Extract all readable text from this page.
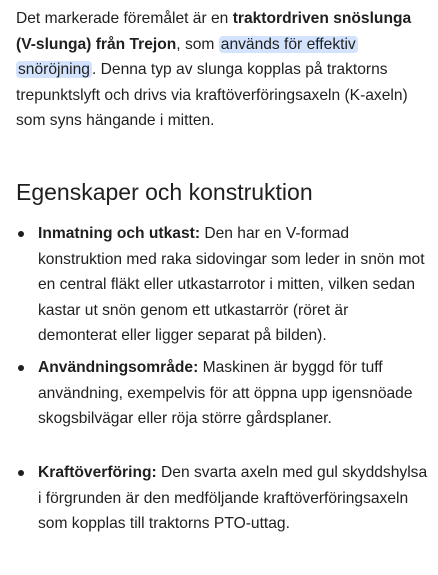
Det markerade föremålet är en traktordriven snöslunga (V-slunga) från Trejon, som används för effektiv snöröjning . Denna typ av slunga kopplas på traktorns trepunktslyft och drivs via kraftöverföringsaxeln (K-axeln) som syns hängande i mitten.

Egenskaper och konstruktion
Inmatning och utkast: Den har en V-formad konstruktion med raka sidovingar som leder in snön mot en central fläkt eller utkastarrotor i mitten, vilken sedan kastar ut snön genom ett utkastarrör (röret är demonterat eller ligger separat på bilden).
Användningsområde: Maskinen är byggd för tuff användning, exempelvis för att öppna upp igensnöade skogsbilvägar eller röja större gårdsplaner.
Kraftöverföring: Den svarta axeln med gul skyddshylsa i förgrunden är den medföljande kraftöverföringsaxeln som kopplas till traktorns PTO-uttag.
